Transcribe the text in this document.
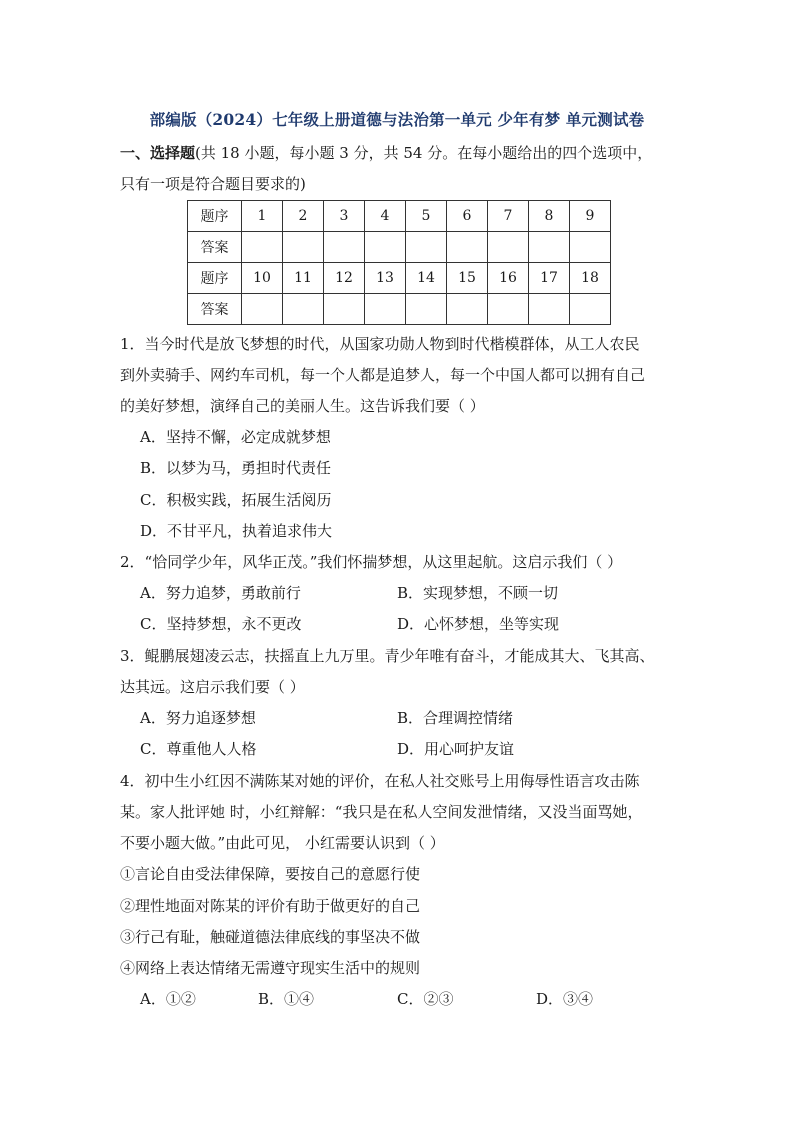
部编版（2024）七年级上册道德与法治第一单元 少年有梦 单元测试卷
一、选择题(共 18 小题，每小题 3 分，共 54 分。在每小题给出的四个选项中，
只有一项是符合题目要求的)
题序	1	2	3	4	5	6	7	8	9
答案									
题序	10	11	12	13	14	15	16	17	18
答案									
1．当今时代是放飞梦想的时代，从国家功勋人物到时代楷模群体，从工人农民
到外卖骑手、网约车司机，每一个人都是追梦人，每一个中国人都可以拥有自己
的美好梦想，演绎自己的美丽人生。这告诉我们要（ ）
A．坚持不懈，必定成就梦想
B．以梦为马，勇担时代责任
C．积极实践，拓展生活阅历
D．不甘平凡，执着追求伟大
2．“恰同学少年，风华正茂。”我们怀揣梦想，从这里起航。这启示我们（ ）
A．努力追梦，勇敢前行	B．实现梦想，不顾一切
C．坚持梦想，永不更改	D．心怀梦想，坐等实现
3．鲲鹏展翅凌云志，扶摇直上九万里。青少年唯有奋斗，才能成其大、飞其高、
达其远。这启示我们要（ ）
A．努力追逐梦想	B．合理调控情绪
C．尊重他人人格	D．用心呵护友谊
4．初中生小红因不满陈某对她的评价，在私人社交账号上用侮辱性语言攻击陈
某。家人批评她 时，小红辩解：“我只是在私人空间发泄情绪，又没当面骂她，
不要小题大做。”由此可见， 小红需要认识到（ ）
①言论自由受法律保障，要按自己的意愿行使
②理性地面对陈某的评价有助于做更好的自己
③行己有耻，触碰道德法律底线的事坚决不做
④网络上表达情绪无需遵守现实生活中的规则
A．①②	B．①④	C．②③	D．③④
